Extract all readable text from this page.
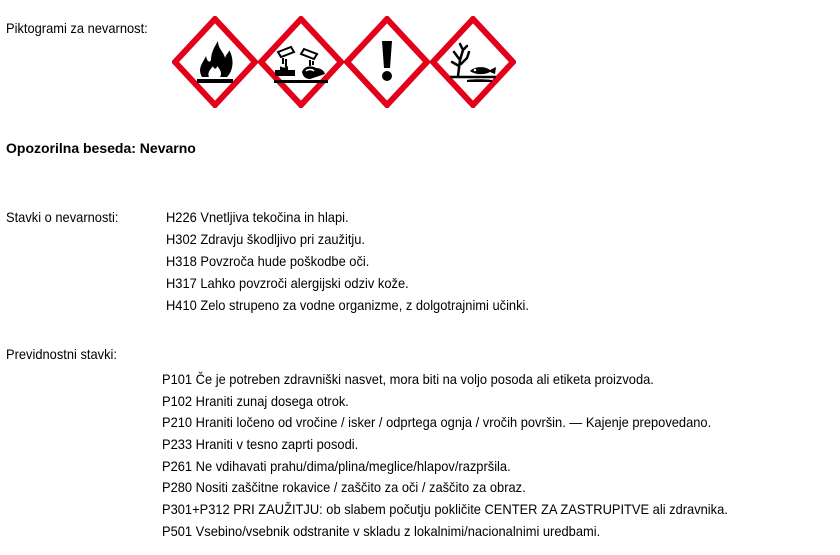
Piktogrami za nevarnost:
Opozorilna beseda: Nevarno
Stavki o nevarnosti:	H226 Vnetljiva tekočina in hlapi.
H302 Zdravju škodljivo pri zaužitju.
H318 Povzroča hude poškodbe oči.
H317 Lahko povzroči alergijski odziv kože.
H410 Zelo strupeno za vodne organizme, z dolgotrajnimi učinki.
Previdnostni stavki:
P101 Če je potreben zdravniški nasvet, mora biti na voljo posoda ali etiketa proizvoda.
P102 Hraniti zunaj dosega otrok.
P210 Hraniti ločeno od vročine / isker / odprtega ognja / vročih površin. — Kajenje prepovedano.
P233 Hraniti v tesno zaprti posodi.
P261 Ne vdihavati prahu/dima/plina/meglice/hlapov/razpršila.
P280 Nositi zaščitne rokavice / zaščito za oči / zaščito za obraz.
P301+P312 PRI ZAUŽITJU: ob slabem počutju pokličite CENTER ZA ZASTRUPITVE ali zdravnika.
P501 Vsebino/vsebnik odstranite v skladu z lokalnimi/nacionalnimi uredbami.
